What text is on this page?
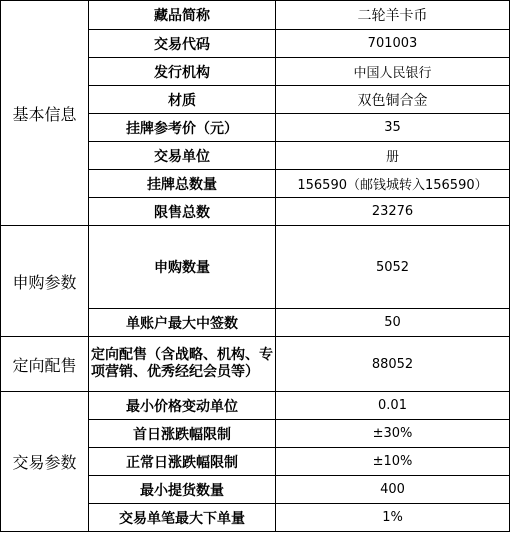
基本信息	藏品简称	二轮羊卡币
	交易代码	701003
	发行机构	中国人民银行
	材质	双色铜合金
	挂牌参考价（元）	35
	交易单位	册
	挂牌总数量	156590（邮钱城转入156590）
	限售总数	23276
申购参数	申购数量	5052
	单账户最大中签数	50
定向配售	定向配售（含战略、机构、专项营销、优秀经纪会员等）	88052
交易参数	最小价格变动单位	0.01
	首日涨跌幅限制	±30%
	正常日涨跌幅限制	±10%
	最小提货数量	400
	交易单笔最大下单量	1%
